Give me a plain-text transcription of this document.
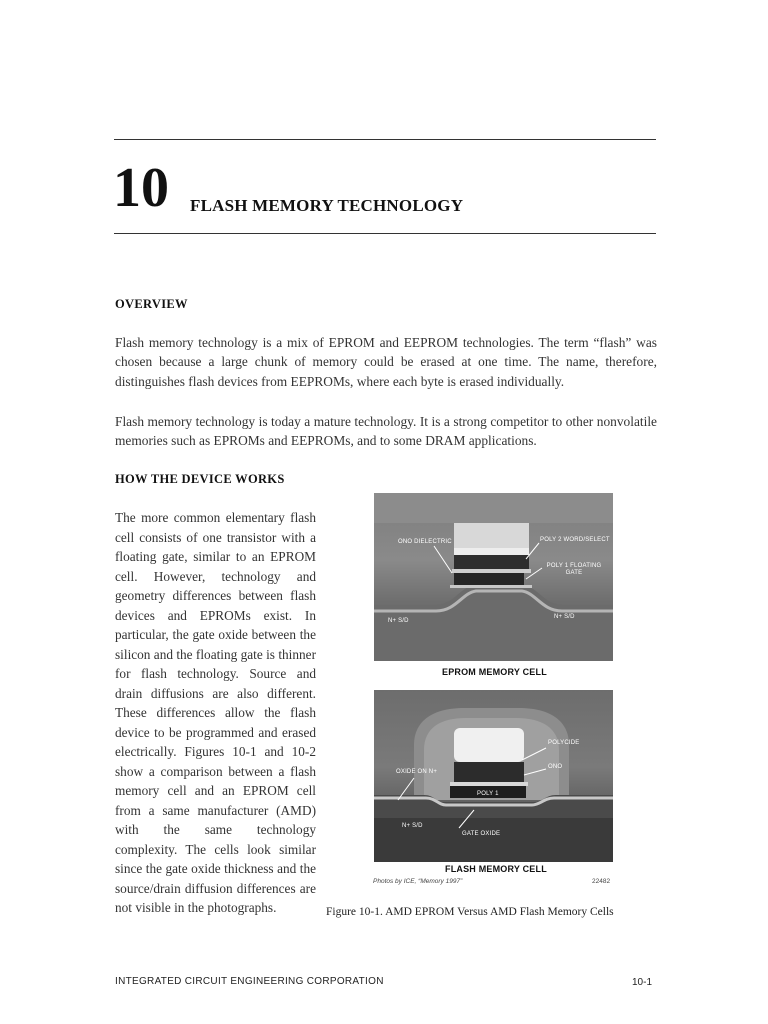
10 FLASH MEMORY TECHNOLOGY
OVERVIEW
Flash memory technology is a mix of EPROM and EEPROM technologies. The term “flash” was chosen because a large chunk of memory could be erased at one time. The name, therefore, distinguishes flash devices from EEPROMs, where each byte is erased individually.
Flash memory technology is today a mature technology. It is a strong competitor to other nonvolatile memories such as EPROMs and EEPROMs, and to some DRAM applications.
HOW THE DEVICE WORKS
The more common elementary flash cell consists of one transistor with a floating gate, similar to an EPROM cell. However, technology and geometry differences between flash devices and EPROMs exist. In particular, the gate oxide between the silicon and the floating gate is thinner for flash technology. Source and drain diffusions are also different. These differences allow the flash device to be programmed and erased electrically. Figures 10-1 and 10-2 show a comparison between a flash memory cell and an EPROM cell from a same manufacturer (AMD) with the same technology complexity. The cells look similar since the gate oxide thickness and the source/drain diffusion differences are not visible in the photographs.
ONO DIELECTRIC	POLY 2 WORD/SELECT
POLY 1 FLOATING GATE
N+ S/D
N+ S/D
EPROM MEMORY CELL
POLYCIDE
ONO
OXIDE ON N+
POLY 1
N+ S/D
GATE OXIDE
FLASH MEMORY CELL
Photos by ICE, “Memory 1997”	22482
Figure 10-1. AMD EPROM Versus AMD Flash Memory Cells
INTEGRATED CIRCUIT ENGINEERING CORPORATION	10-1
